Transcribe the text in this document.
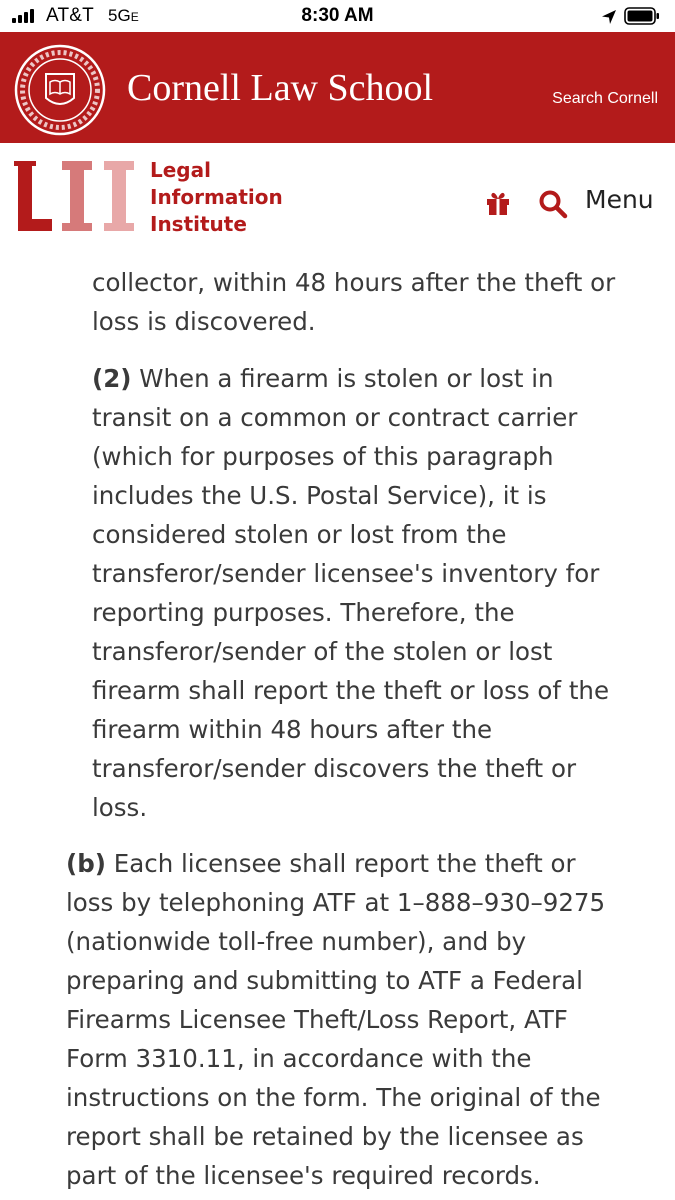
AT&T 5GE	8:30 AM
Cornell Law School	Search Cornell
Legal
Information
Institute
Menu
collector, within 48 hours after the theft or
loss is discovered.
(2) When a firearm is stolen or lost in
transit on a common or contract carrier
(which for purposes of this paragraph
includes the U.S. Postal Service), it is
considered stolen or lost from the
transferor/sender licensee's inventory for
reporting purposes. Therefore, the
transferor/sender of the stolen or lost
firearm shall report the theft or loss of the
firearm within 48 hours after the
transferor/sender discovers the theft or
loss.
(b) Each licensee shall report the theft or
loss by telephoning ATF at 1–888–930–9275
(nationwide toll-free number), and by
preparing and submitting to ATF a Federal
Firearms Licensee Theft/Loss Report, ATF
Form 3310.11, in accordance with the
instructions on the form. The original of the
report shall be retained by the licensee as
part of the licensee's required records.
